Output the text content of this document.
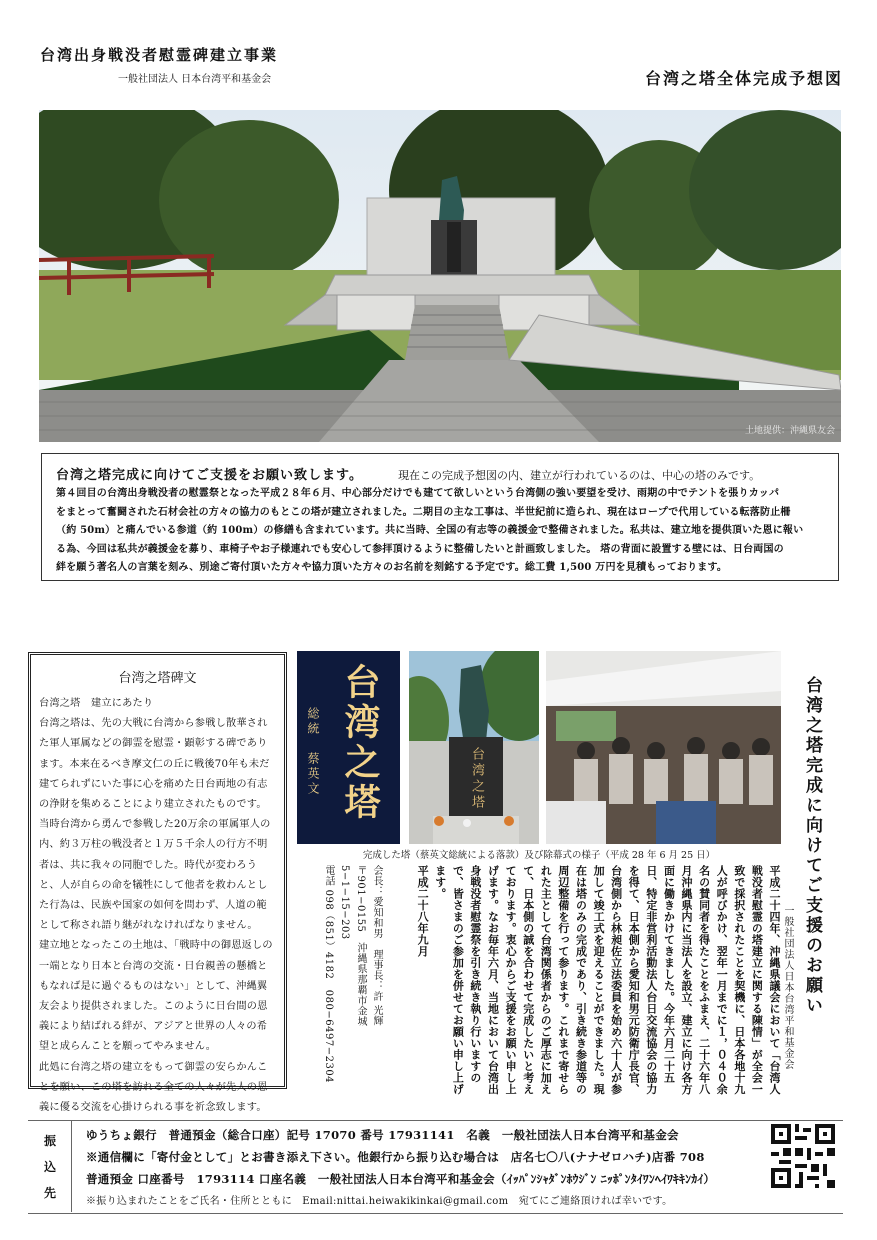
台湾出身戦没者慰霊碑建立事業
一般社団法人 日本台湾平和基金会	台湾之塔全体完成予想図
土地提供：沖縄県友会
台湾之塔完成に向けてご支援をお願い致します。	現在この完成予想図の内、建立が行われているのは、中心の塔のみです。
第４回目の台湾出身戦没者の慰霊祭となった平成２８年６月、中心部分だけでも建てて欲しいという台湾側の強い要望を受け、雨期の中でテントを張りカッパ
をまとって奮闘された石材会社の方々の協力のもとこの塔が建立されました。二期目の主な工事は、半世紀前に造られ、現在はロープで代用している転落防止柵
（約 50m）と痛んでいる参道（約 100m）の修繕も含まれています。共に当時、全国の有志等の義援金で整備されました。私共は、建立地を提供頂いた恩に報い
る為、今回は私共が義援金を募り、車椅子やお子様連れでも安心して参拝頂けるように整備したいと計画致しました。 塔の背面に設置する壁には、日台両国の
絆を願う著名人の言葉を刻み、別途ご寄付頂いた方々や協力頂いた方々のお名前を刻銘する予定です。総工費 1,500 万円を見積もっております。
台湾之塔碑文

台湾之塔　建立にあたり

台湾之塔は、先の大戦に台湾から参戦し散華された軍人軍属などの御霊を慰霊・顕彰する碑であります。本来在るべき摩文仁の丘に戦後70年も未だ建てられずにいた事に心を痛めた日台両地の有志の浄財を集めることにより建立されたものです。

当時台湾から勇んで参戦した20万余の軍属軍人の内、約３万柱の戦没者と１万５千余人の行方不明者は、共に我々の同胞でした。時代が変わろうと、人が自らの命を犠牲にして他者を救わんとした行為は、民族や国家の如何を問わず、人道の範として称され語り継がれなければなりません。

建立地となったこの土地は、「戦時中の御恩返しの一端となり日本と台湾の交流・日台親善の懸橋ともなれば是に過ぐるものはない」として、沖縄翼友会より提供されました。このように日台間の恩義により結ばれる絆が、アジアと世界の人々の希望と成らんことを願ってやみません。

此処に台湾之塔の建立をもって御霊の安らかんことを願い、この塔を訪れる全ての人々が先人の恩義に優る交流を心掛けられる事を祈念致します。

台湾之塔
総統　蔡英文	台湾之塔
完成した塔（蔡英文総統による落款）及び除幕式の様子（平成 28 年 6 月 25 日）	台湾之塔完成に向けてご支援のお願い
一般社団法人日本台湾平和基金会
平成二十四年、沖縄県議会において「台湾人戦没者慰霊の塔建立に関する陳情」が全会一致で採択されたことを契機に、日本各地十九人が呼びかけ、翌年一月までに１，０４０余名の賛同者を得たことをふまえ、二十六年八月沖縄県内に当法人を設立、建立に向け各方面に働きかけてきました。今年六月二十五日、特定非営利活動法人台日交流協会の協力を得て、日本側から愛知和男元防衛庁長官、台湾側から林昶佐立法委員を始め六十人が参加して竣工式を迎えることができました。現在は塔のみの完成であり、引き続き参道等の周辺整備を行って参ります。これまで寄せられた主として台湾関係者からのご厚志に加えて、日本側の誠を合わせて完成したいと考えております。衷心からご支援をお願い申し上げます。なお毎年六月、当地において台湾出身戦没者慰霊祭を引き続き執り行いますので、皆さまのご参加を併せてお願い申し上げます。
平成二十八年九月
会長：愛知和男　理事長：許 光輝
〒901−0155　沖縄県那覇市金城 5−1−15−203
電話 098（851）4182　080−6497−2304
振
込
先
ゆうちょ銀行　普通預金（総合口座）記号 17070 番号 17931141　名義　一般社団法人日本台湾平和基金会
※通信欄に「寄付金として」とお書き添え下さい。他銀行から振り込む場合は　店名七〇八(ナナゼロハチ)店番 708
普通預金 口座番号　1793114 口座名義　一般社団法人日本台湾平和基金会（ｲｯﾊﾟﾝｼｬﾀﾞﾝﾎｳｼﾞﾝ ﾆｯﾎﾟﾝﾀｲﾜﾝﾍｲﾜｷｷﾝｶｲ）
※振り込まれたことをご氏名・住所とともに　Email:nittai.heiwakikinkai@gmail.com　宛てにご連絡頂ければ幸いです。
